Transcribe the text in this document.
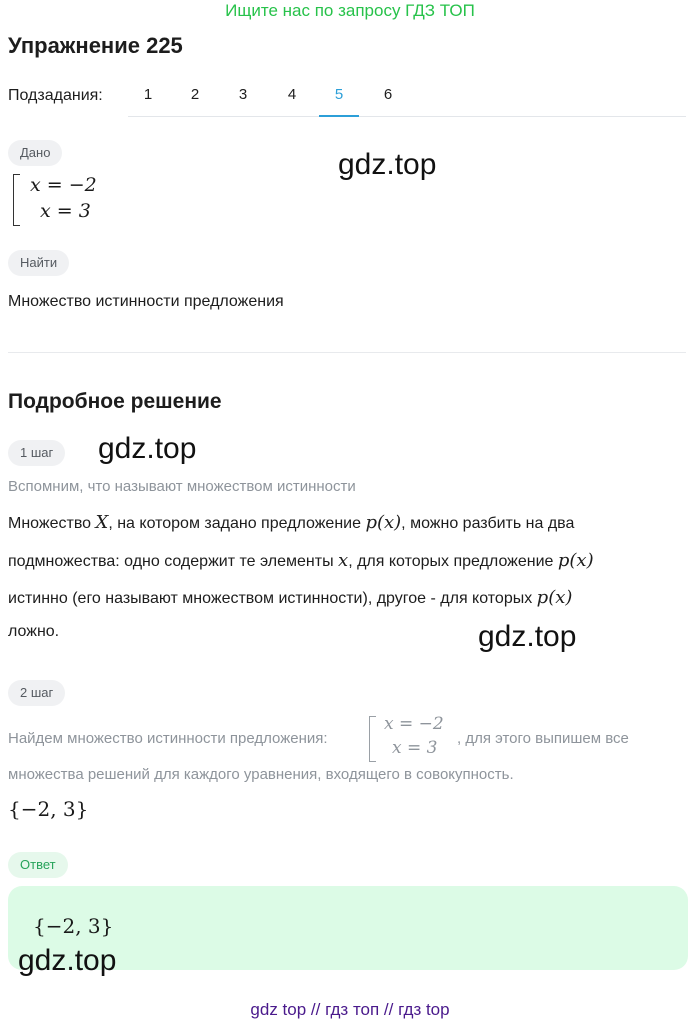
Ищите нас по запросу ГДЗ ТОП
Упражнение 225
Подзадания:	1	2	3	4	5	6
Дано
x = −2
x = 3
gdz.top
Найти
Множество истинности предложения
Подробное решение
1 шаг	gdz.top
Вспомним, что называют множеством истинности
Множество X, на котором задано предложение p(x), можно разбить на два
подмножества: одно содержит те элементы x, для которых предложение p(x)
истинно (его называют множеством истинности), другое - для которых p(x)
ложно.	gdz.top
2 шаг
Найдем множество истинности предложения:
x = −2
x = 3 , для этого выпишем все
множества решений для каждого уравнения, входящего в совокупность.
{−2, 3}
Ответ
{−2, 3}
gdz.top
gdz top // гдз топ // гдз top
